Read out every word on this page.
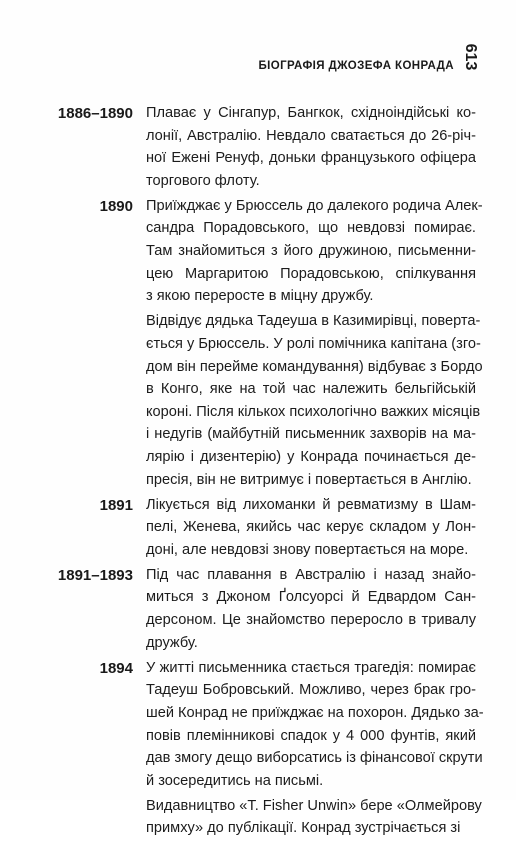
БІОГРАФІЯ ДЖОЗЕФА КОНРАДА 613
1886–1890 Плаває у Сінгапур, Бангкок, східноіндійські ко-
лонії, Австралію. Невдало сватається до 26-річ-
ної Ежені Ренуф, доньки французького офіцера
торгового флоту.
1890 Приїжджає у Брюссель до далекого родича Алек-
сандра Порадовського, що невдовзі помирає.
Там знайомиться з його дружиною, письменни-
цею Маргаритою Порадовською, спілкування
з якою переросте в міцну дружбу.
Відвідує дядька Тадеуша в Казимирівці, поверта-
ється у Брюссель. У ролі помічника капітана (зго-
дом він перейме командування) відбуває з Бордо
в Конго, яке на той час належить бельгійській
короні. Після кількох психологічно важких місяців
і недугів (майбутній письменник захворів на ма-
лярію і дизентерію) у Конрада починається де-
пресія, він не витримує і повертається в Англію.
1891 Лікується від лихоманки й ревматизму в Шам-
пелі, Женева, якийсь час керує складом у Лон-
доні, але невдовзі знову повертається на море.
1891–1893 Під час плавання в Австралію і назад знайо-
миться з Джоном Ґолсуорсі й Едвардом Сан-
дерсоном. Це знайомство переросло в тривалу
дружбу.
1894 У житті письменника стається трагедія: помирає
Тадеуш Бобровський. Можливо, через брак гро-
шей Конрад не приїжджає на похорон. Дядько за-
повів племінникові спадок у 4 000 фунтів, який
дав змогу дещо виборсатись із фінансової скрути
й зосередитись на письмі.
Видавництво «T. Fisher Unwin» бере «Олмейрову
примху» до публікації. Конрад зустрічається зі
